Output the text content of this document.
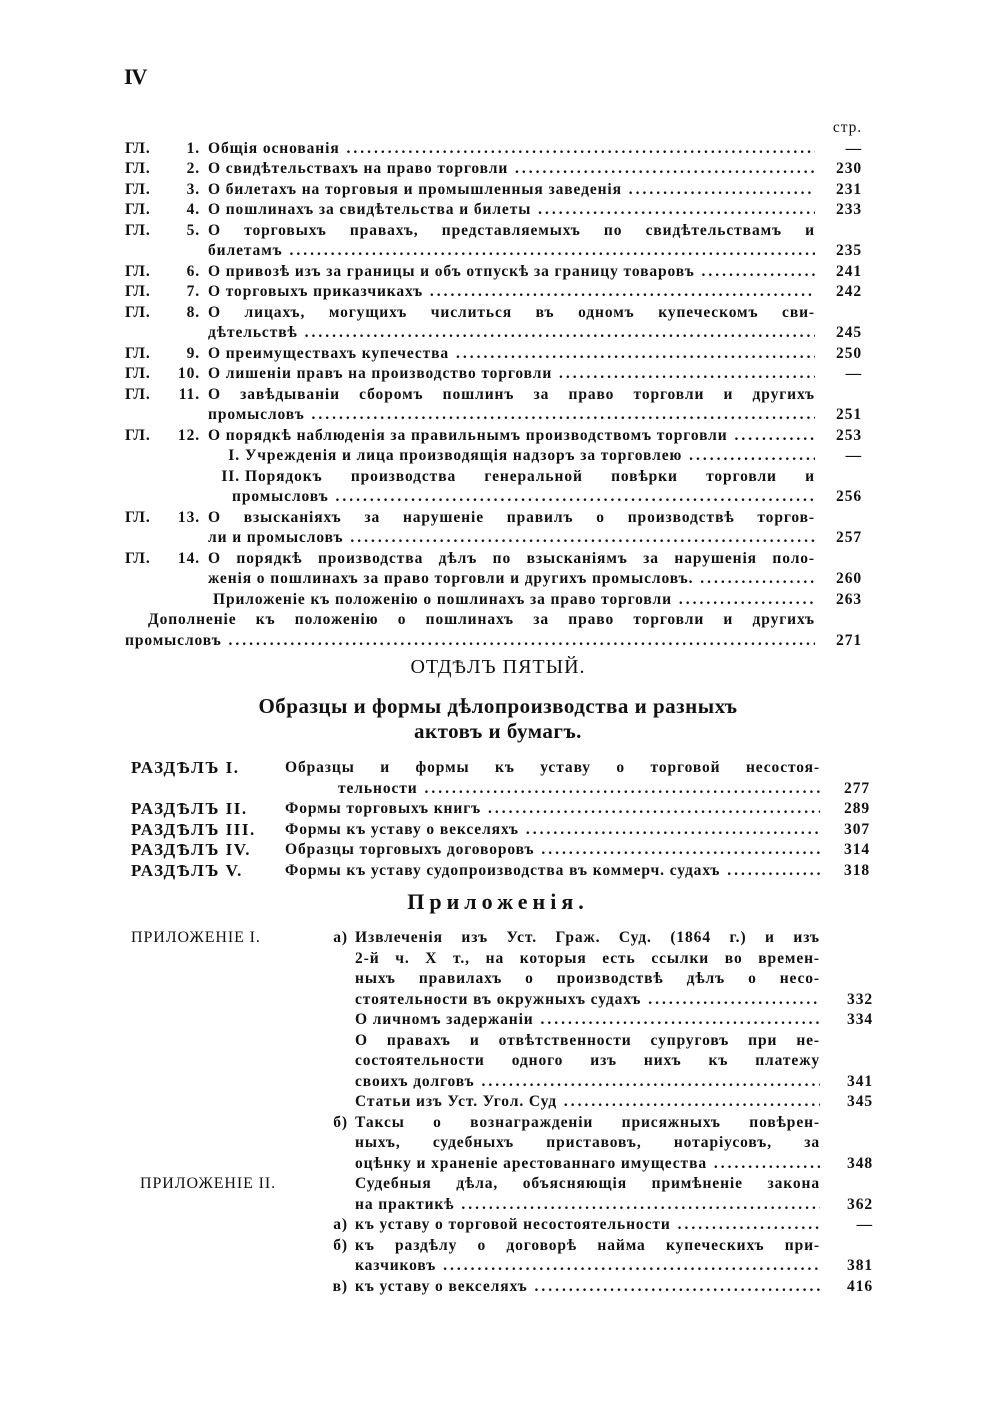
IV
стр.
ГЛ.	1. Общія основанія .....	—
ГЛ.	2. О свидѣтельствахъ на право торговли .....	230
ГЛ.	3. О билетахъ на торговыя и промышленныя заведенія .....	231
ГЛ.	4. О пошлинахъ за свидѣтельства и билеты .....	233
ГЛ.	5. О торговыхъ правахъ, представляемыхъ по свидѣтельствамъ и
билетамъ .....	235
ГЛ.	6. О привозѣ изъ за границы и объ отпускѣ за границу товаровъ .....	241
ГЛ.	7. О торговыхъ приказчикахъ .....	242
ГЛ.	8. О лицахъ, могущихъ числиться въ одномъ купеческомъ сви-
дѣтельствѣ .....	245
ГЛ.	9. О преимуществахъ купечества .....	250
ГЛ.	10. О лишеніи правъ на производство торговли .....	—
ГЛ.	11. О завѣдываніи сборомъ пошлинъ за право торговли и другихъ
промысловъ .....	251
ГЛ.	12. О порядкѣ наблюденія за правильнымъ производствомъ торговли .....	253
I. Учрежденія и лица производящія надзоръ за торговлею .....	—
II. Порядокъ производства генеральной повѣрки торговли и
промысловъ .....	256
ГЛ.	13. О взысканіяхъ за нарушеніе правилъ о производствѣ торгов-
ли и промысловъ .....	257
ГЛ.	14. О порядкѣ производства дѣлъ по взысканіямъ за нарушенія поло-
женія о пошлинахъ за право торговли и другихъ промысловъ. .....	260
Приложеніе къ положенію о пошлинахъ за право торговли .....	263
Дополненіе къ положенію о пошлинахъ за право торговли и другихъ
промысловъ .....	271
ОТДѢЛЪ ПЯТЫЙ.
Образцы и формы дѣлопроизводства и разныхъ
актовъ и бумагъ.
РАЗДѢЛЪ I.	Образцы и формы къ уставу о торговой несостоя-
тельности .....	277
РАЗДѢЛЪ II. Формы торговыхъ книгъ .....	289
РАЗДѢЛЪ III. Формы къ уставу о векселяхъ .....	307
РАЗДѢЛЪ IV. Образцы торговыхъ договоровъ .....	314
РАЗДѢЛЪ V.	Формы къ уставу судопроизводства въ коммерч. судахъ .....	318
Приложенія.
ПРИЛОЖЕНІЕ I.	а) Извлеченія изъ Уст. Граж. Суд. (1864 г.) и изъ
2-й ч. X т., на которыя есть ссылки во времен-
ныхъ правилахъ о производствѣ дѣлъ о несо-
стоятельности въ окружныхъ судахъ .....	332
О личномъ задержаніи .....	334
О правахъ и отвѣтственности супруговъ при не-
состоятельности одного изъ нихъ къ платежу
своихъ долговъ .....	341
Статьи изъ Уст. Угол. Суд .....	345
б) Таксы о вознагражденіи присяжныхъ повѣрен-
ныхъ, судебныхъ приставовъ, нотаріусовъ, за
оцѣнку и храненіе арестованнаго имущества .....	348
ПРИЛОЖЕНІЕ II.	Судебныя дѣла, объясняющія примѣненіе закона
на практикѣ .....	362
а) къ уставу о торговой несостоятельности .....	—
б) къ раздѣлу о договорѣ найма купеческихъ при-
казчиковъ .....	381
в) къ уставу о векселяхъ .....	416
